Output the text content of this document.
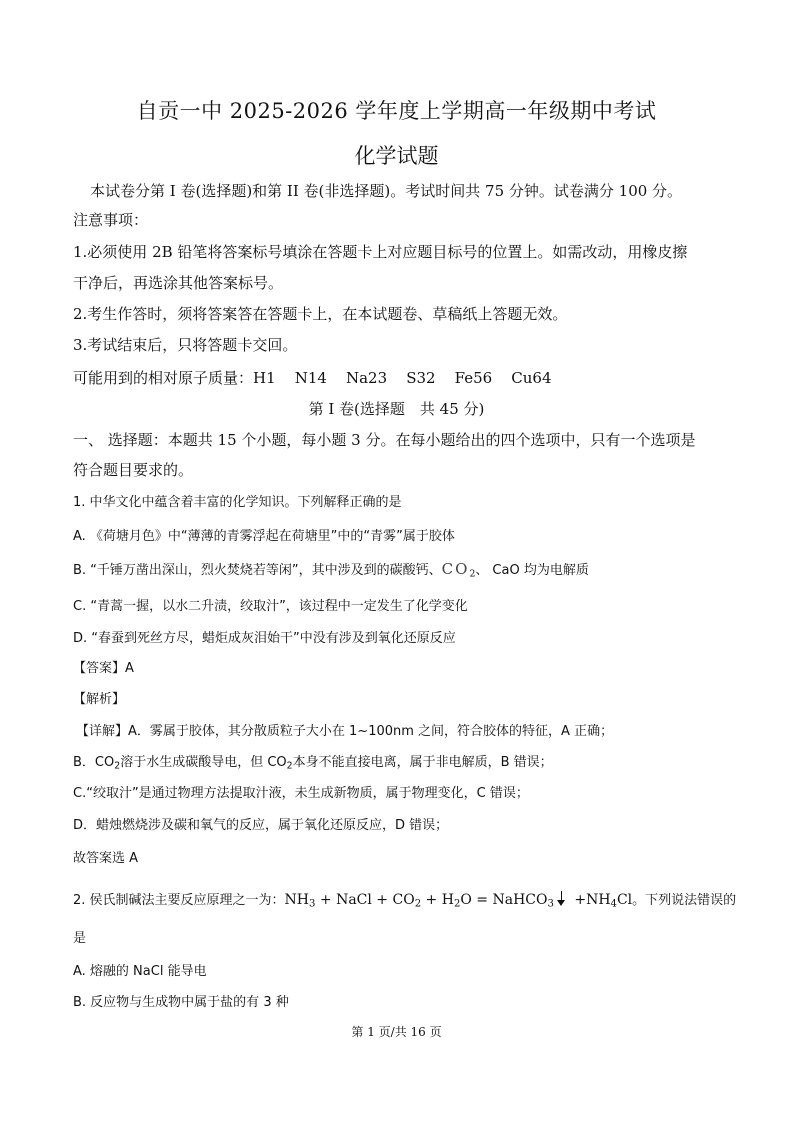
自贡一中 2025-2026 学年度上学期高一年级期中考试
化学试题
本试卷分第 I 卷(选择题)和第 II 卷(非选择题)。考试时间共 75 分钟。试卷满分 100 分。
注意事项：
1.必须使用 2B 铅笔将答案标号填涂在答题卡上对应题目标号的位置上。如需改动，用橡皮擦
干净后，再选涂其他答案标号。
2.考生作答时，须将答案答在答题卡上，在本试题卷、草稿纸上答题无效。
3.考试结束后，只将答题卡交回。
可能用到的相对原子质量：H1    N14    Na23    S32    Fe56    Cu64
第 I 卷(选择题　共 45 分)
一、 选择题：本题共 15 个小题，每小题 3 分。在每小题给出的四个选项中，只有一个选项是
符合题目要求的。
1. 中华文化中蕴含着丰富的化学知识。下列解释正确的是
A. 《荷塘月色》中“薄薄的青雾浮起在荷塘里”中的“青雾”属于胶体
B. “千锤万凿出深山，烈火焚烧若等闲”，其中涉及到的碳酸钙、$CO_2$、 CaO 均为电解质
C. “青蒿一握，以水二升渍，绞取汁”，该过程中一定发生了化学变化
D. “春蚕到死丝方尽，蜡炬成灰泪始干”中没有涉及到氧化还原反应
【答案】A
【解析】
【详解】A．雾属于胶体，其分散质粒子大小在 1~100nm 之间，符合胶体的特征，A 正确；
B．$CO_2$溶于水生成碳酸导电，但 $CO_2$本身不能直接电离，属于非电解质，B 错误；
C.“绞取汁”是通过物理方法提取汁液，未生成新物质，属于物理变化，C 错误；
D．蜡烛燃烧涉及碳和氧气的反应，属于氧化还原反应，D 错误；
故答案选 A
2. 侯氏制碱法主要反应原理之一为：$NH_3$ + NaCl + $CO_2 + H_2O$ = NaHCO$_3$ $+NH_4Cl$。下列说法错误的
是
A. 熔融的 NaCl 能导电
B. 反应物与生成物中属于盐的有 3 种
第 1 页/共 16 页
